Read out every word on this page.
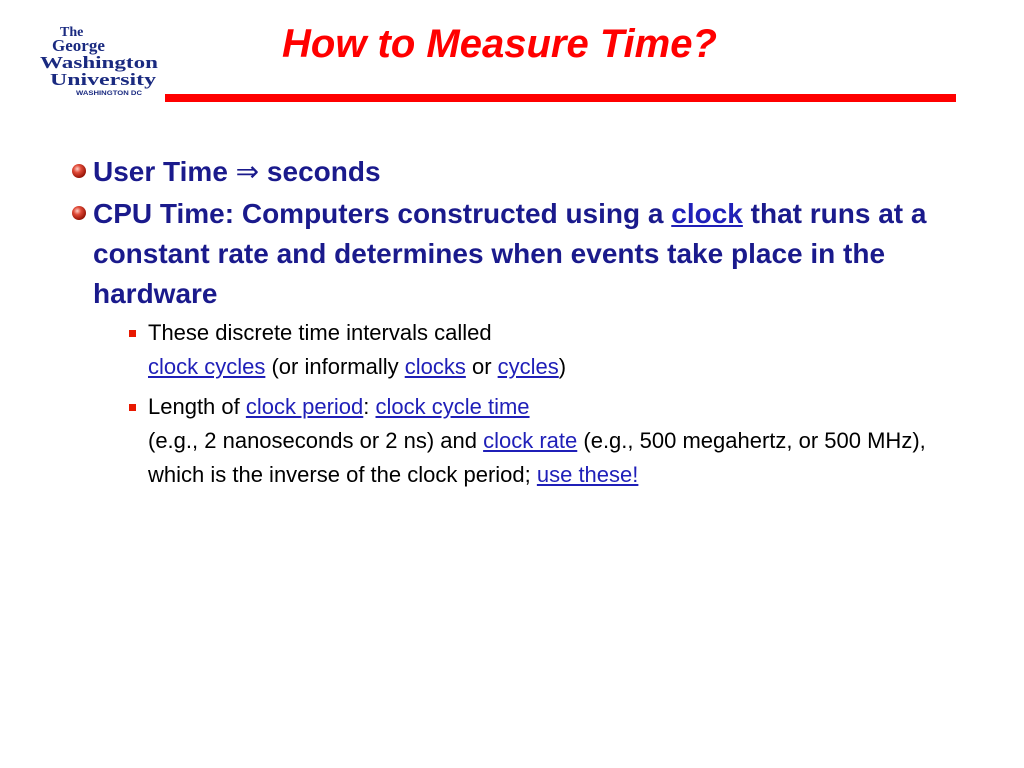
The
George
Washington
University
WASHINGTON DC
How to Measure Time?
User Time ⇒ seconds
CPU Time: Computers constructed using a clock that runs at a constant rate and determines when events take place in the hardware
These discrete time intervals called
clock cycles (or informally clocks or cycles)
Length of clock period: clock cycle time
(e.g., 2 nanoseconds or 2 ns) and clock rate (e.g., 500 megahertz, or 500 MHz), which is the inverse of the clock period; use these!
